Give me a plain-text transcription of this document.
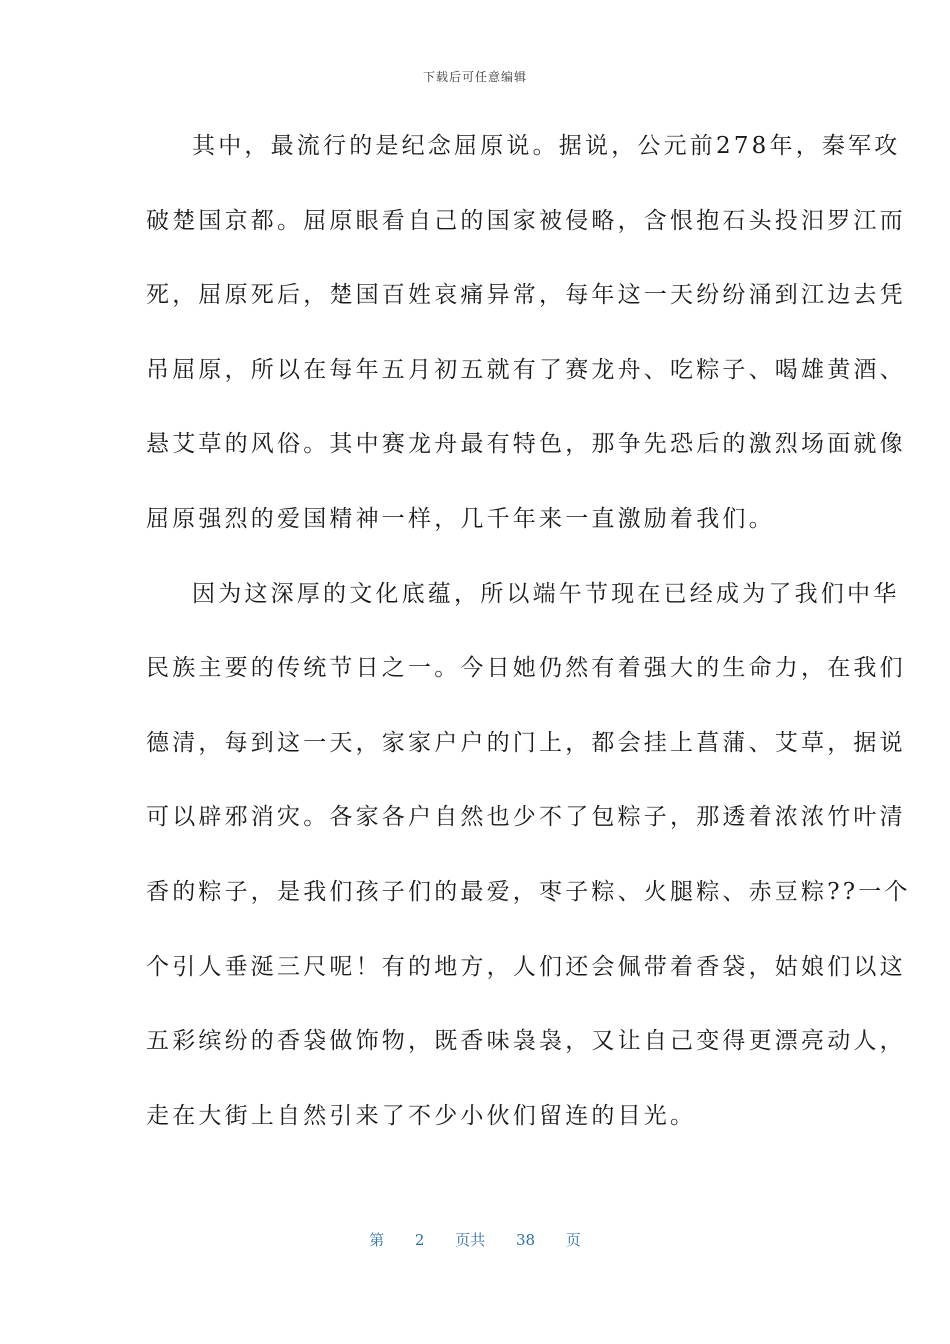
下载后可任意编辑
其中，最流行的是纪念屈原说。据说，公元前278年，秦军攻
破楚国京都。屈原眼看自己的国家被侵略，含恨抱石头投汨罗江而
死，屈原死后，楚国百姓哀痛异常，每年这一天纷纷涌到江边去凭
吊屈原，所以在每年五月初五就有了赛龙舟、吃粽子、喝雄黄酒、
悬艾草的风俗。其中赛龙舟最有特色，那争先恐后的激烈场面就像
屈原强烈的爱国精神一样，几千年来一直激励着我们。
因为这深厚的文化底蕴，所以端午节现在已经成为了我们中华
民族主要的传统节日之一。今日她仍然有着强大的生命力，在我们
德清，每到这一天，家家户户的门上，都会挂上菖蒲、艾草，据说
可以辟邪消灾。各家各户自然也少不了包粽子，那透着浓浓竹叶清
香的粽子，是我们孩子们的最爱，枣子粽、火腿粽、赤豆粽??一个
个引人垂涎三尺呢！有的地方，人们还会佩带着香袋，姑娘们以这
五彩缤纷的香袋做饰物，既香味袅袅，又让自己变得更漂亮动人，
走在大街上自然引来了不少小伙们留连的目光。
第 2 页共 38 页
